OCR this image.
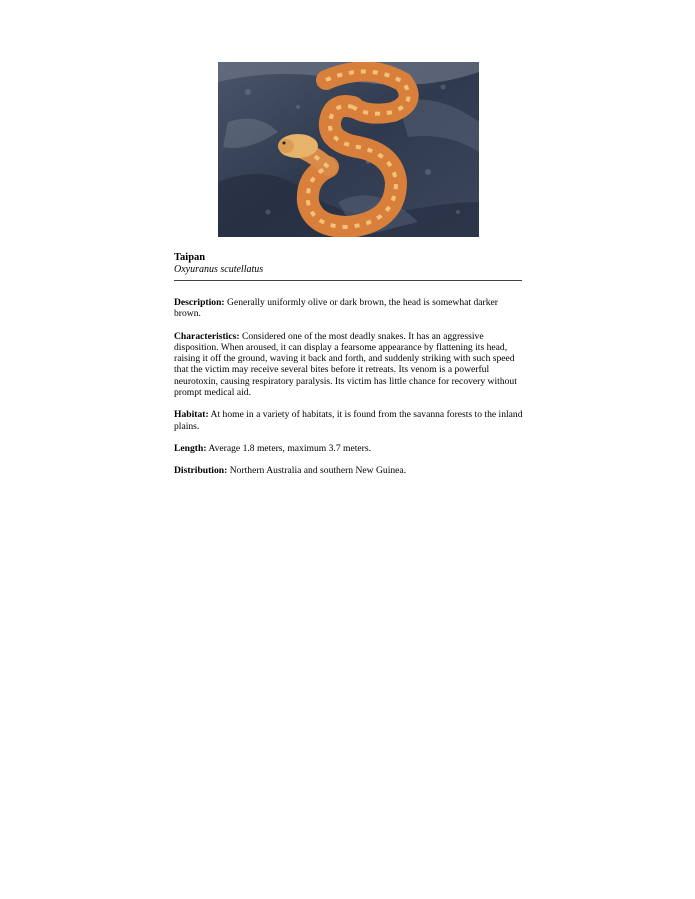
Taipan
Oxyuranus scutellatus

Description: Generally uniformly olive or dark brown, the head is somewhat darker brown.

Characteristics: Considered one of the most deadly snakes. It has an aggressive disposition. When aroused, it can display a fearsome appearance by flattening its head, raising it off the ground, waving it back and forth, and suddenly striking with such speed that the victim may receive several bites before it retreats. Its venom is a powerful neurotoxin, causing respiratory paralysis. Its victim has little chance for recovery without prompt medical aid.

Habitat: At home in a variety of habitats, it is found from the savanna forests to the inland plains.

Length: Average 1.8 meters, maximum 3.7 meters.

Distribution: Northern Australia and southern New Guinea.
